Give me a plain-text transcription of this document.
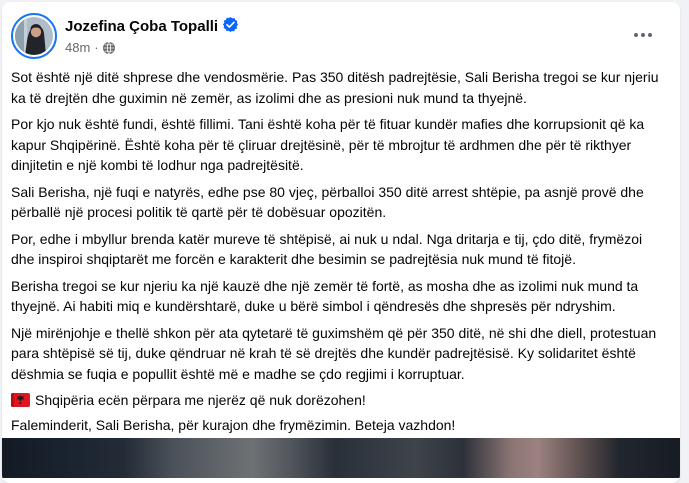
Jozefina Çoba Topalli
48m ·
Sot është një ditë shprese dhe vendosmërie. Pas 350 ditësh padrejtësie, Sali Berisha tregoi se kur njeriu ka të drejtën dhe guximin në zemër, as izolimi dhe as presioni nuk mund ta thyejnë.
Por kjo nuk është fundi, është fillimi. Tani është koha për të fituar kundër mafies dhe korrupsionit që ka kapur Shqipërinë. Është koha për të çliruar drejtësinë, për të mbrojtur të ardhmen dhe për të rikthyer dinjitetin e një kombi të lodhur nga padrejtësitë.
Sali Berisha, një fuqi e natyrës, edhe pse 80 vjeç, përballoi 350 ditë arrest shtëpie, pa asnjë provë dhe përballë një procesi politik të qartë për të dobësuar opozitën.
Por, edhe i mbyllur brenda katër mureve të shtëpisë, ai nuk u ndal. Nga dritarja e tij, çdo ditë, frymëzoi dhe inspiroi shqiptarët me forcën e karakterit dhe besimin se padrejtësia nuk mund të fitojë.
Berisha tregoi se kur njeriu ka një kauzë dhe një zemër të fortë, as mosha dhe as izolimi nuk mund ta thyejnë. Ai habiti miq e kundërshtarë, duke u bërë simbol i qëndresës dhe shpresës për ndryshim.
Një mirënjohje e thellë shkon për ata qytetarë të guximshëm që për 350 ditë, në shi dhe diell, protestuan para shtëpisë së tij, duke qëndruar në krah të së drejtës dhe kundër padrejtësisë. Ky solidaritet është dëshmia se fuqia e popullit është më e madhe se çdo regjimi i korruptuar.
Shqipëria ecën përpara me njerëz që nuk dorëzohen!
Faleminderit, Sali Berisha, për kurajon dhe frymëzimin. Beteja vazhdon!
